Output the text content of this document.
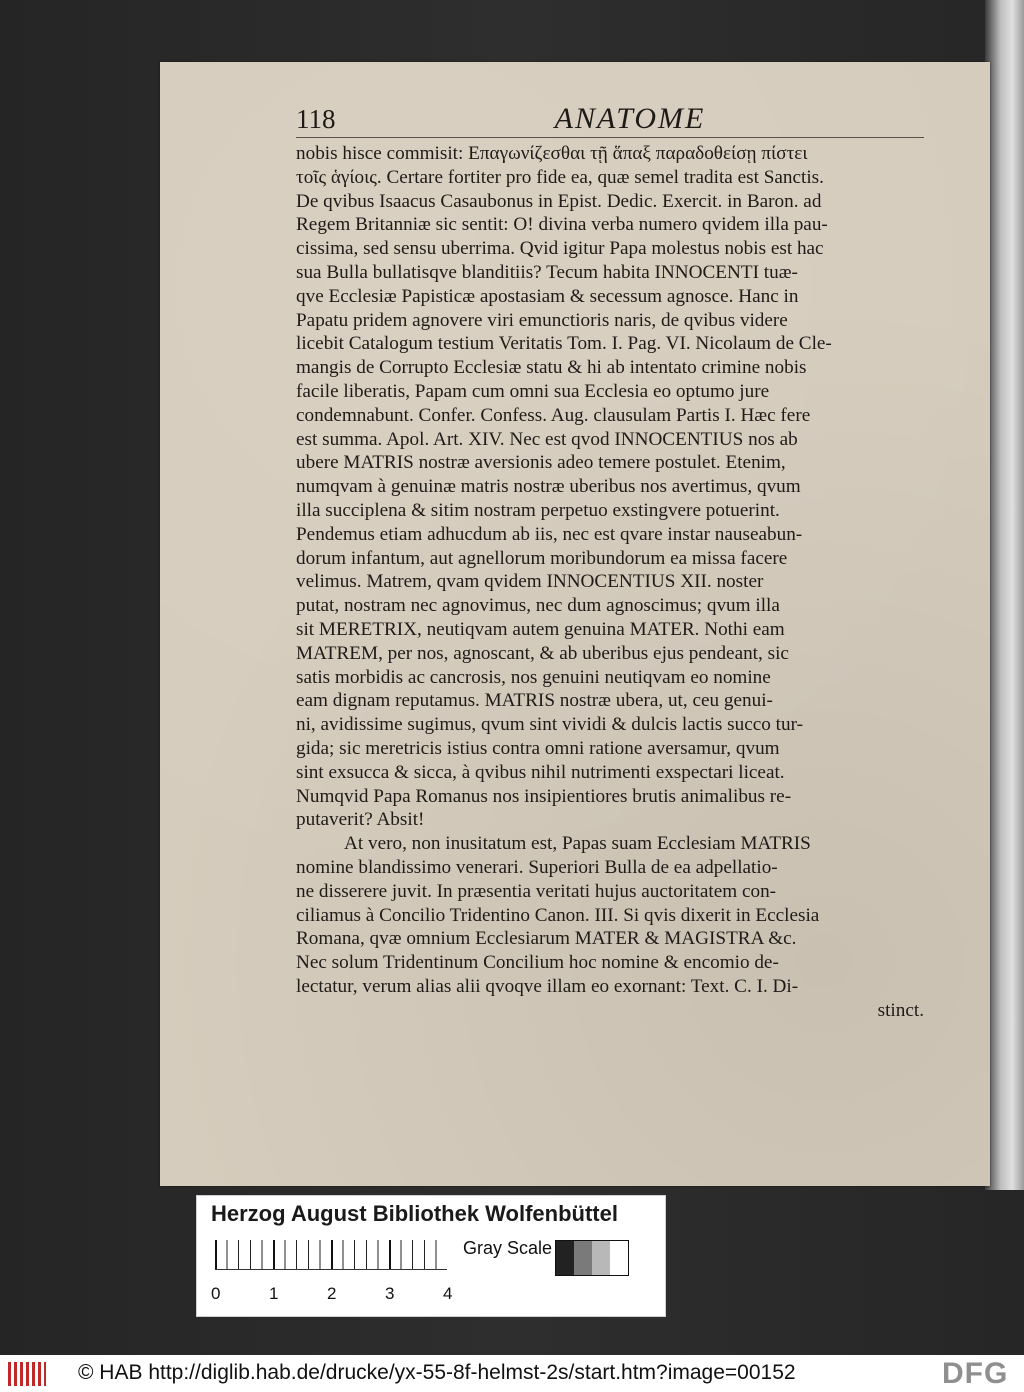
118	ANATOME
nobis hisce commisit: Επαγωνίζεσθαι τῇ ἅπαξ παραδοθείσῃ πίστει
τοῖς ἁγίοις. Certare fortiter pro fide ea, quæ semel tradita est Sanctis.
De qvibus Isaacus Casaubonus in Epist. Dedic. Exercit. in Baron. ad
Regem Britanniæ sic sentit: O! divina verba numero qvidem illa pau-
cissima, sed sensu uberrima. Qvid igitur Papa molestus nobis est hac
sua Bulla bullatisqve blanditiis? Tecum habita INNOCENTI tuæ-
qve Ecclesiæ Papisticæ apostasiam & secessum agnosce. Hanc in
Papatu pridem agnovere viri emunctioris naris, de qvibus videre
licebit Catalogum testium Veritatis Tom. I. Pag. VI. Nicolaum de Cle-
mangis de Corrupto Ecclesiæ statu & hi ab intentato crimine nobis
facile liberatis, Papam cum omni sua Ecclesia eo optumo jure
condemnabunt. Confer. Confess. Aug. clausulam Partis I. Hæc fere
est summa. Apol. Art. XIV. Nec est qvod INNOCENTIUS nos ab
ubere MATRIS nostræ aversionis adeo temere postulet. Etenim,
numqvam à genuinæ matris nostræ uberibus nos avertimus, qvum
illa succiplena & sitim nostram perpetuo exstingvere potuerint.
Pendemus etiam adhucdum ab iis, nec est qvare instar nauseabun-
dorum infantum, aut agnellorum moribundorum ea missa facere
velimus. Matrem, qvam qvidem INNOCENTIUS XII. noster
putat, nostram nec agnovimus, nec dum agnoscimus; qvum illa
sit MERETRIX, neutiqvam autem genuina MATER. Nothi eam
MATREM, per nos, agnoscant, & ab uberibus ejus pendeant, sic
satis morbidis ac cancrosis, nos genuini neutiqvam eo nomine
eam dignam reputamus. MATRIS nostræ ubera, ut, ceu genui-
ni, avidissime sugimus, qvum sint vividi & dulcis lactis succo tur-
gida; sic meretricis istius contra omni ratione aversamur, qvum
sint exsucca & sicca, à qvibus nihil nutrimenti exspectari liceat.
Numqvid Papa Romanus nos insipientiores brutis animalibus re-
putaverit? Absit!
At vero, non inusitatum est, Papas suam Ecclesiam MATRIS
nomine blandissimo venerari. Superiori Bulla de ea adpellatio-
ne disserere juvit. In præsentia veritati hujus auctoritatem con-
ciliamus à Concilio Tridentino Canon. III. Si qvis dixerit in Ecclesia
Romana, qvæ omnium Ecclesiarum MATER & MAGISTRA &c.
Nec solum Tridentinum Concilium hoc nomine & encomio de-
lectatur, verum alias alii qvoqve illam eo exornant: Text. C. I. Di-
stinct.
Herzog August Bibliothek Wolfenbüttel
0	1	2	3	4
Gray Scale
© HAB http://diglib.hab.de/drucke/yx-55-8f-helmst-2s/start.htm?image=00152	DFG
